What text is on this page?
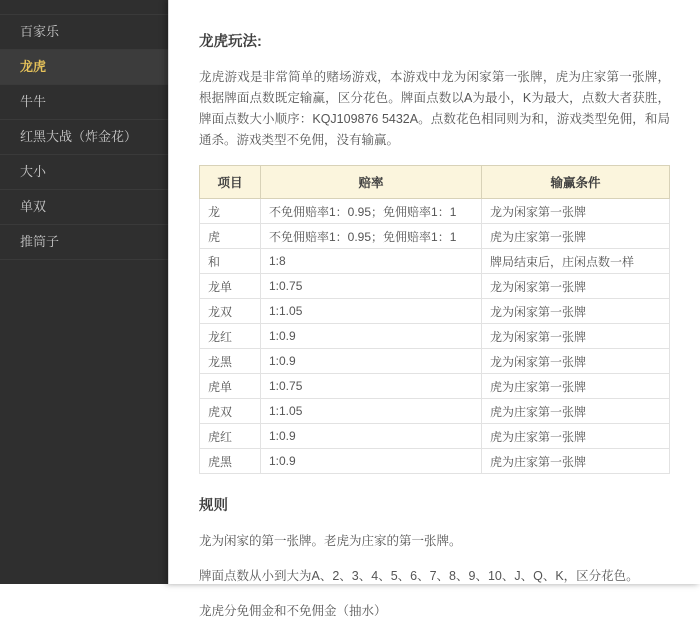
百家乐
龙虎
牛牛
红黑大战（炸金花）
大小
单双
推筒子
龙虎玩法:

龙虎游戏是非常简单的赌场游戏，本游戏中龙为闲家第一张牌，虎为庄家第一张牌，根据牌面点数既定输赢，区分花色。牌面点数以A为最小，K为最大，点数大者获胜，牌面点数大小顺序：KQJ109876 5432A。点数花色相同则为和，游戏类型免佣，和局通杀。游戏类型不免佣，没有输赢。

项目	赔率	输赢条件
龙	不免佣赔率1：0.95；免佣赔率1：1	龙为闲家第一张牌
虎	不免佣赔率1：0.95；免佣赔率1：1	虎为庄家第一张牌
和	1:8	牌局结束后，庄闲点数一样
龙单	1:0.75	龙为闲家第一张牌
龙双	1:1.05	龙为闲家第一张牌
龙红	1:0.9	龙为闲家第一张牌
龙黑	1:0.9	龙为闲家第一张牌
虎单	1:0.75	虎为庄家第一张牌
虎双	1:1.05	虎为庄家第一张牌
虎红	1:0.9	虎为庄家第一张牌
虎黑	1:0.9	虎为庄家第一张牌
规则

龙为闲家的第一张牌。老虎为庄家的第一张牌。

牌面点数从小到大为A、2、3、4、5、6、7、8、9、10、J、Q、K，区分花色。

龙虎分免佣金和不免佣金（抽水）
